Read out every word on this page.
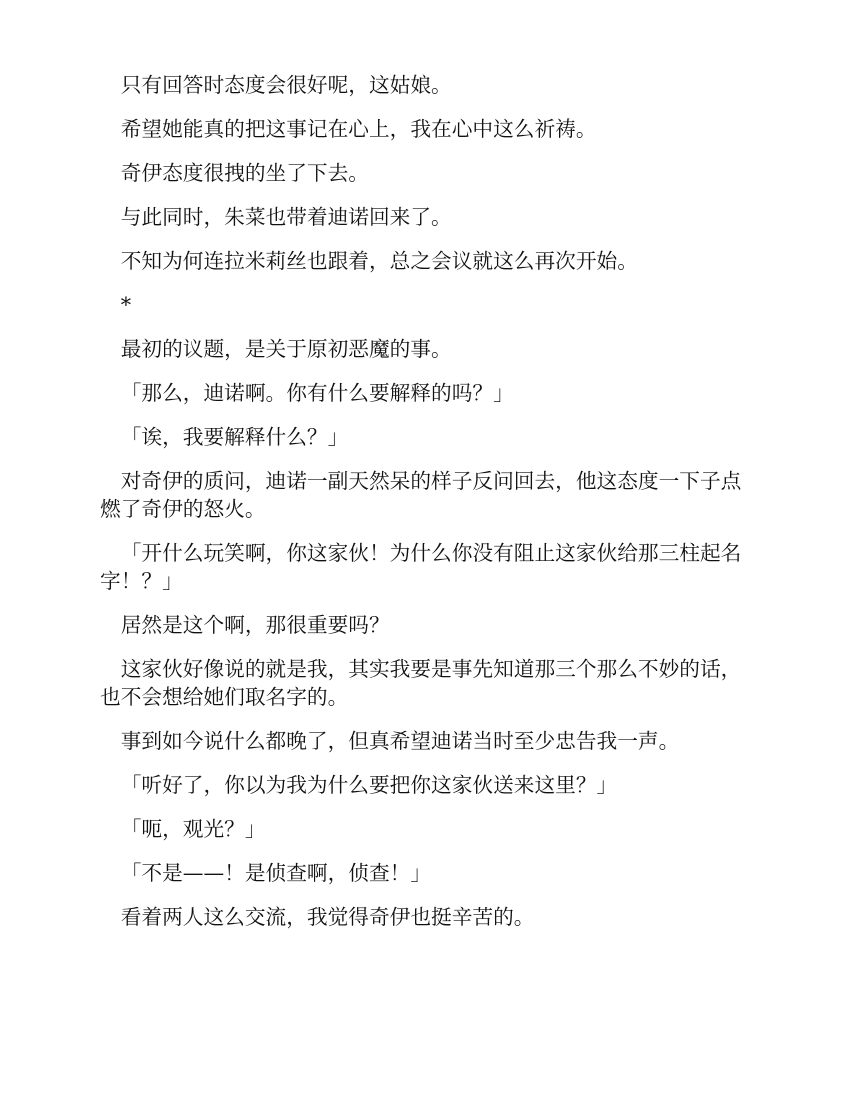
只有回答时态度会很好呢，这姑娘。

希望她能真的把这事记在心上，我在心中这么祈祷。

奇伊态度很拽的坐了下去。

与此同时，朱菜也带着迪诺回来了。

不知为何连拉米莉丝也跟着，总之会议就这么再次开始。

*

最初的议题，是关于原初恶魔的事。

「那么，迪诺啊。你有什么要解释的吗？」

「诶，我要解释什么？」

对奇伊的质问，迪诺一副天然呆的样子反问回去，他这态度一下子点燃了奇伊的怒火。

「开什么玩笑啊，你这家伙！为什么你没有阻止这家伙给那三柱起名字！？」

居然是这个啊，那很重要吗？

这家伙好像说的就是我，其实我要是事先知道那三个那么不妙的话，也不会想给她们取名字的。

事到如今说什么都晚了，但真希望迪诺当时至少忠告我一声。

「听好了，你以为我为什么要把你这家伙送来这里？」

「呃，观光？」

「不是——！是侦查啊，侦查！」

看着两人这么交流，我觉得奇伊也挺辛苦的。
